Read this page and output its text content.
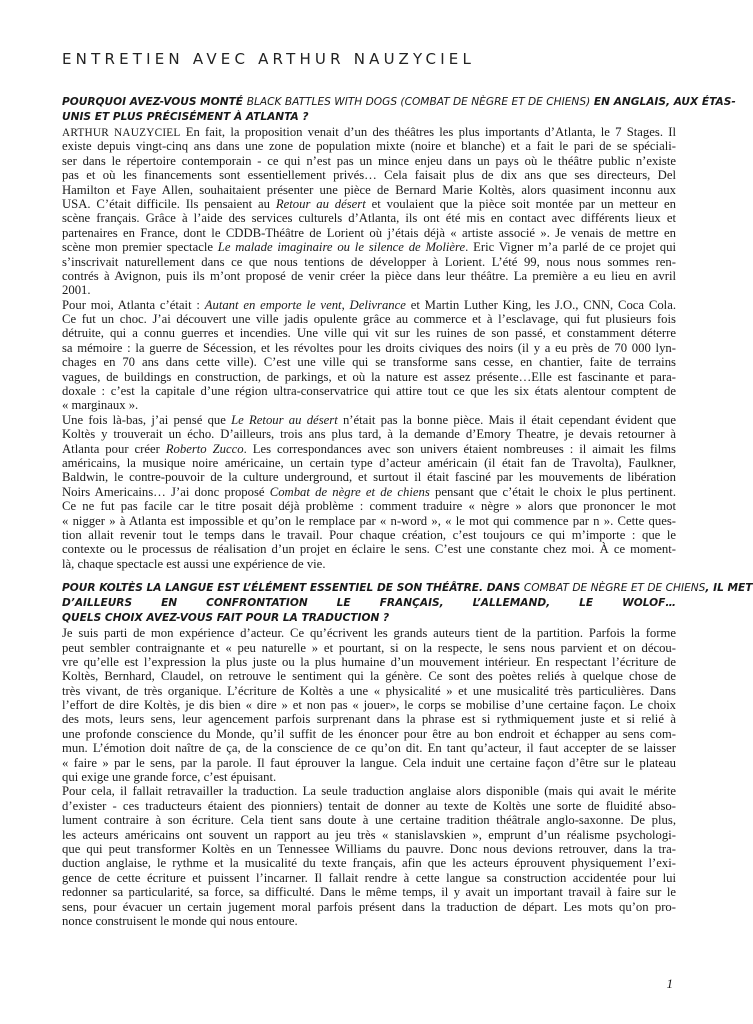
ENTRETIEN AVEC ARTHUR NAUZYCIEL
POURQUOI AVEZ-VOUS MONTÉ BLACK BATTLES WITH DOGS (COMBAT DE NÈGRE ET DE CHIENS) EN ANGLAIS, AUX ÉTAS-
UNIS ET PLUS PRÉCISÉMENT À ATLANTA ?
ARTHUR NAUZYCIEL En fait, la proposition venait d’un des théâtres les plus importants d’Atlanta, le 7 Stages. Il
existe depuis vingt-cinq ans dans une zone de population mixte (noire et blanche) et a fait le pari de se spéciali-
ser dans le répertoire contemporain - ce qui n’est pas un mince enjeu dans un pays où le théâtre public n’existe
pas et où les financements sont essentiellement privés… Cela faisait plus de dix ans que ses directeurs, Del
Hamilton et Faye Allen, souhaitaient présenter une pièce de Bernard Marie Koltès, alors quasiment inconnu aux
USA. C’était difficile. Ils pensaient au Retour au désert et voulaient que la pièce soit montée par un metteur en
scène français. Grâce à l’aide des services culturels d’Atlanta, ils ont été mis en contact avec différents lieux et
partenaires en France, dont le CDDB-Théâtre de Lorient où j’étais déjà « artiste associé ». Je venais de mettre en
scène mon premier spectacle Le malade imaginaire ou le silence de Molière. Eric Vigner m’a parlé de ce projet qui
s’inscrivait naturellement dans ce que nous tentions de développer à Lorient. L’été 99, nous nous sommes ren-
contrés à Avignon, puis ils m’ont proposé de venir créer la pièce dans leur théâtre. La première a eu lieu en avril
2001.
Pour moi, Atlanta c’était : Autant en emporte le vent, Delivrance et Martin Luther King, les J.O., CNN, Coca Cola.
Ce fut un choc. J’ai découvert une ville jadis opulente grâce au commerce et à l’esclavage, qui fut plusieurs fois
détruite, qui a connu guerres et incendies. Une ville qui vit sur les ruines de son passé, et constamment déterre
sa mémoire : la guerre de Sécession, et les révoltes pour les droits civiques des noirs (il y a eu près de 70 000 lyn-
chages en 70 ans dans cette ville). C’est une ville qui se transforme sans cesse, en chantier, faite de terrains
vagues, de buildings en construction, de parkings, et où la nature est assez présente…Elle est fascinante et para-
doxale : c’est la capitale d’une région ultra-conservatrice qui attire tout ce que les six états alentour comptent de
« marginaux ».
Une fois là-bas, j’ai pensé que Le Retour au désert n’était pas la bonne pièce. Mais il était cependant évident que
Koltès y trouverait un écho. D’ailleurs, trois ans plus tard, à la demande d’Emory Theatre, je devais retourner à
Atlanta pour créer Roberto Zucco. Les correspondances avec son univers étaient nombreuses : il aimait les films
américains, la musique noire américaine, un certain type d’acteur américain (il était fan de Travolta), Faulkner,
Baldwin, le contre-pouvoir de la culture underground, et surtout il était fasciné par les mouvements de libération
Noirs Americains… J’ai donc proposé Combat de nègre et de chiens pensant que c’était le choix le plus pertinent.
Ce ne fut pas facile car le titre posait déjà problème : comment traduire « nègre » alors que prononcer le mot
« nigger » à Atlanta est impossible et qu’on le remplace par « n-word », « le mot qui commence par n ». Cette ques-
tion allait revenir tout le temps dans le travail. Pour chaque création, c’est toujours ce qui m’importe : que le
contexte ou le processus de réalisation d’un projet en éclaire le sens. C’est une constante chez moi. À ce moment-
là, chaque spectacle est aussi une expérience de vie.
POUR KOLTÈS LA LANGUE EST L’ÉLÉMENT ESSENTIEL DE SON THÉÂTRE. DANS COMBAT DE NÈGRE ET DE CHIENS, IL MET
D’AILLEURS EN CONFRONTATION LE FRANÇAIS, L’ALLEMAND, LE WOLOF…
QUELS CHOIX AVEZ-VOUS FAIT POUR LA TRADUCTION ?
Je suis parti de mon expérience d’acteur. Ce qu’écrivent les grands auteurs tient de la partition. Parfois la forme
peut sembler contraignante et « peu naturelle » et pourtant, si on la respecte, le sens nous parvient et on décou-
vre qu’elle est l’expression la plus juste ou la plus humaine d’un mouvement intérieur. En respectant l’écriture de
Koltès, Bernhard, Claudel, on retrouve le sentiment qui la génère. Ce sont des poètes reliés à quelque chose de
très vivant, de très organique. L’écriture de Koltès a une « physicalité » et une musicalité très particulières. Dans
l’effort de dire Koltès, je dis bien « dire » et non pas « jouer», le corps se mobilise d’une certaine façon. Le choix
des mots, leurs sens, leur agencement parfois surprenant dans la phrase est si rythmiquement juste et si relié à
une profonde conscience du Monde, qu’il suffit de les énoncer pour être au bon endroit et échapper au sens com-
mun. L’émotion doit naître de ça, de la conscience de ce qu’on dit. En tant qu’acteur, il faut accepter de se laisser
« faire » par le sens, par la parole. Il faut éprouver la langue. Cela induit une certaine façon d’être sur le plateau
qui exige une grande force, c’est épuisant.
Pour cela, il fallait retravailler la traduction. La seule traduction anglaise alors disponible (mais qui avait le mérite
d’exister - ces traducteurs étaient des pionniers) tentait de donner au texte de Koltès une sorte de fluidité abso-
lument contraire à son écriture. Cela tient sans doute à une certaine tradition théâtrale anglo-saxonne. De plus,
les acteurs américains ont souvent un rapport au jeu très « stanislavskien », emprunt d’un réalisme psychologi-
que qui peut transformer Koltès en un Tennessee Williams du pauvre. Donc nous devions retrouver, dans la tra-
duction anglaise, le rythme et la musicalité du texte français, afin que les acteurs éprouvent physiquement l’exi-
gence de cette écriture et puissent l’incarner. Il fallait rendre à cette langue sa construction accidentée pour lui
redonner sa particularité, sa force, sa difficulté. Dans le même temps, il y avait un important travail à faire sur le
sens, pour évacuer un certain jugement moral parfois présent dans la traduction de départ. Les mots qu’on pro-
nonce construisent le monde qui nous entoure.
1
